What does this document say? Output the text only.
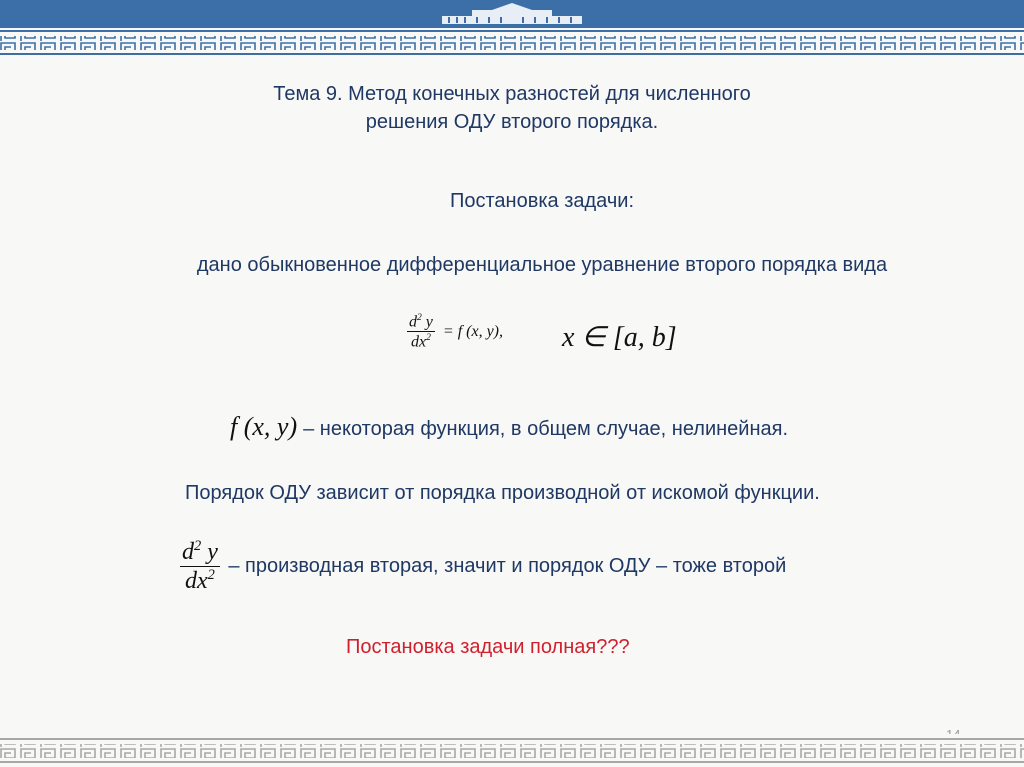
Тема 9. Метод конечных разностей для численного
решения ОДУ второго порядка.
Постановка задачи:
дано обыкновенное дифференциальное уравнение второго порядка вида
$\frac{d^2 y}{dx^2} = f$ (x, y), x ∈ [a, b]
f (x, y) – некоторая функция, в общем случае, нелинейная.
Порядок ОДУ зависит от порядка производной от искомой функции.
$\frac{d^2 y}{dx^2}$ – производная вторая, значит и порядок ОДУ – тоже второй
Постановка задачи полная???
